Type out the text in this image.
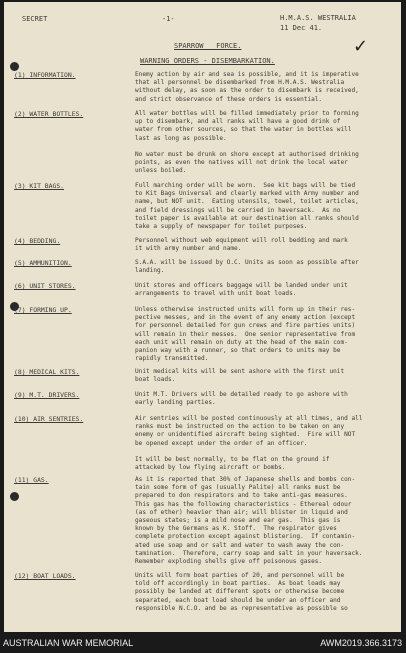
SECRET	-1-	H.M.A.S. WESTRALIA
11 Dec 41.
✓
SPARROW   FORCE.
WARNING ORDERS - DISEMBARKATION.
(1) INFORMATION.	Enemy action by air and sea is possible, and it is imperative
that all personnel be disembarked from H.M.A.S. Westralia
without delay, as soon as the order to disembark is received,
and strict observance of these orders is essential.
(2) WATER BOTTLES.	All water bottles will be filled immediately prior to forming
up to disembark, and all ranks will have a good drink of
water from other sources, so that the water in bottles will
last as long as possible.
No water must be drunk on shore except at authorised drinking
points, as even the natives will not drink the local water
unless boiled.
(3) KIT BAGS.	Full marching order will be worn.  See kit bags will be tied
to Kit Bags Universal and clearly marked with Army number and
name, but NOT unit.  Eating utensils, towel, toilet articles,
and field dressings will be carried in haversack.  As no
toilet paper is available at our destination all ranks should
take a supply of newspaper for toilet purposes.
(4) BEDDING.	Personnel without web equipment will roll bedding and mark
it with army number and name.
(5) AMMUNITION.	S.A.A. will be issued by O.C. Units as soon as possible after
landing.
(6) UNIT STORES.	Unit stores and officers baggage will be landed under unit
arrangements to travel with unit boat loads.
(7) FORMING UP.	Unless otherwise instructed units will form up in their res-
pective messes, and in the event of any enemy action (except
for personnel detailed for gun crews and fire parties units)
will remain in their messes.  One senior representative from
each unit will remain on duty at the head of the main com-
panion way with a runner, so that orders to units may be
rapidly transmitted.
(8) MEDICAL KITS.	Unit medical kits will be sent ashore with the first unit
boat loads.
(9) M.T. DRIVERS.	Unit M.T. Drivers will be detailed ready to go ashore with
early landing parties.
(10) AIR SENTRIES.	Air sentries will be posted continuously at all times, and all
ranks must be instructed on the action to be taken on any
enemy or unidentified aircraft being sighted.  Fire will NOT
be opened except under the order of an officer.
It will be best normally, to be flat on the ground if
attacked by low flying aircraft or bombs.
(11) GAS.	As it is reported that 30% of Japanese shells and bombs con-
tain some form of gas (usually Palite) all ranks must be
prepared to don respirators and to take anti-gas measures.
This gas has the following characteristics - Ethereal odour
(as of ether) heavier than air; will blister in liquid and
gaseous states; is a mild nose and ear gas.  This gas is
known by the Germans as K. Stoff.  The respirator gives
complete protection except against blistering.  If contamin-
ated use soap and or salt and water to wash away the con-
tamination.  Therefore, carry soap and salt in your haversack.
Remember exploding shells give off poisonous gases.
(12) BOAT LOADS.	Units will form boat parties of 20, and personnel will be
told off accordingly in boat parties.  As boat loads may
possibly be landed at different spots or otherwise become
separated, each boat load should be under an officer and
responsible N.C.O. and be as representative as possible so
AUSTRALIAN WAR MEMORIAL	AWM2019.366.3173
